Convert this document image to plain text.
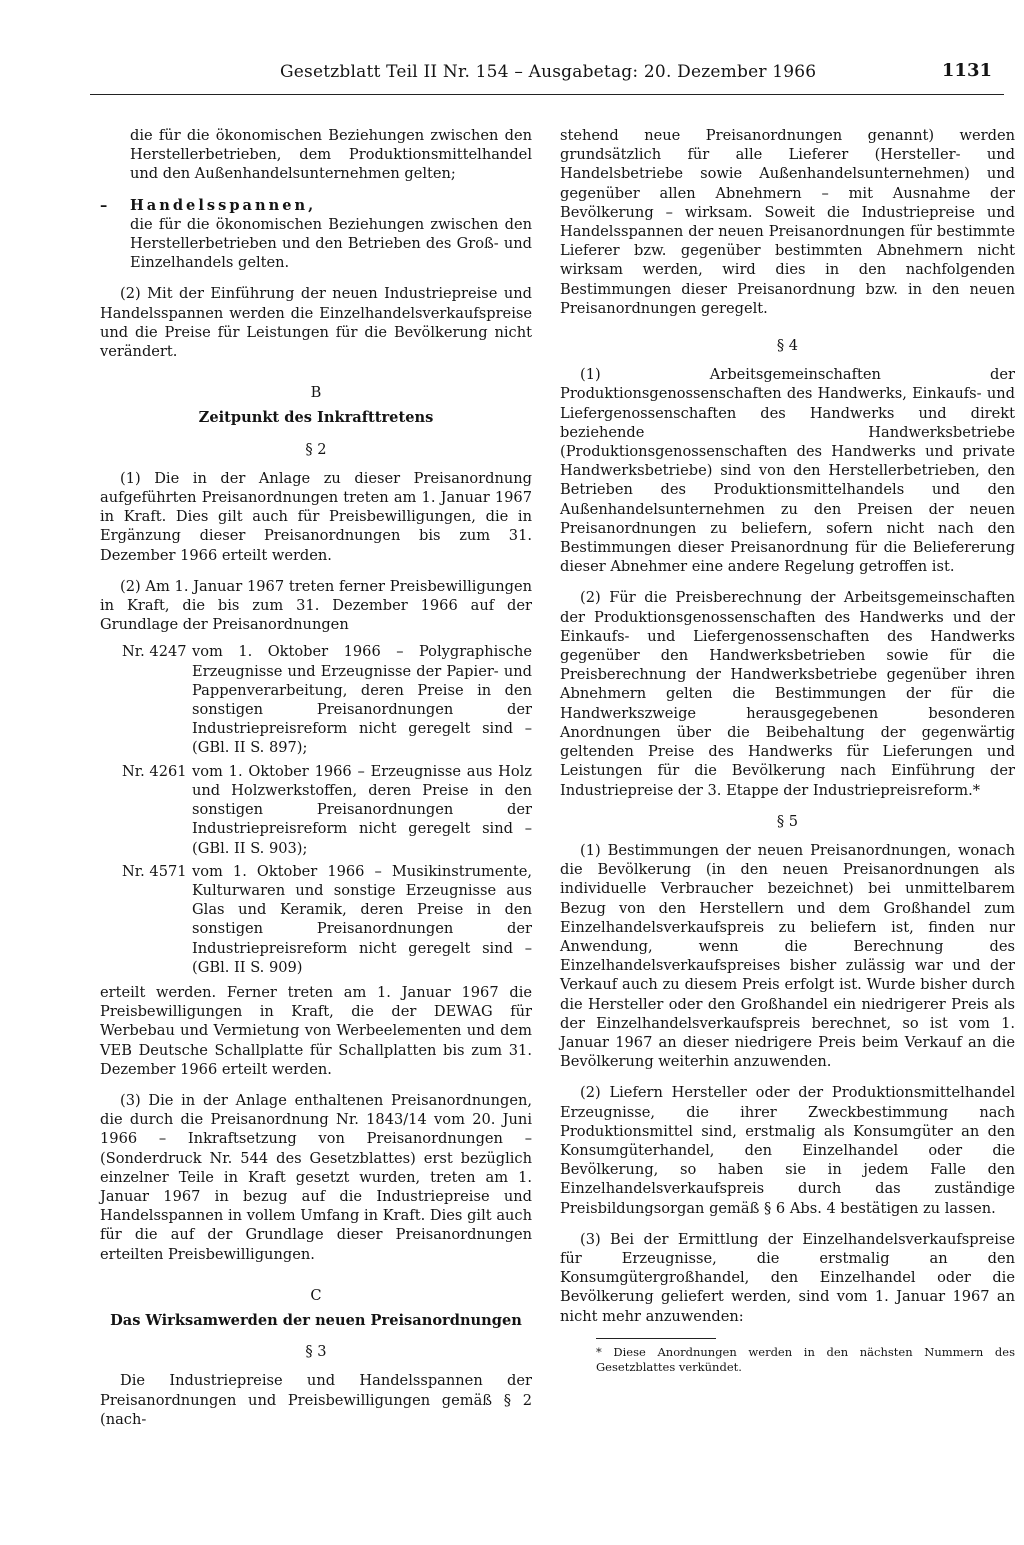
Gesetzblatt Teil II Nr. 154 – Ausgabetag: 20. Dezember 1966	1131

die für die ökonomischen Beziehungen zwischen den Herstellerbetrieben, dem Produktionsmittelhandel und den Außenhandelsunternehmen gelten;

– Handelsspannen,

die für die ökonomischen Beziehungen zwischen den Herstellerbetrieben und den Betrieben des Groß- und Einzelhandels gelten.

(2) Mit der Einführung der neuen Industriepreise und Handelsspannen werden die Einzelhandelsverkaufspreise und die Preise für Leistungen für die Bevölkerung nicht verändert.

B
Zeitpunkt des Inkrafttretens
§ 2

(1) Die in der Anlage zu dieser Preisanordnung aufgeführten Preisanordnungen treten am 1. Januar 1967 in Kraft. Dies gilt auch für Preisbewilligungen, die in Ergänzung dieser Preisanordnungen bis zum 31. Dezember 1966 erteilt werden.

(2) Am 1. Januar 1967 treten ferner Preisbewilligungen in Kraft, die bis zum 31. Dezember 1966 auf der Grundlage der Preisanordnungen

Nr. 4247 vom 1. Oktober 1966 – Polygraphische Erzeugnisse und Erzeugnisse der Papier- und Pappenverarbeitung, deren Preise in den sonstigen Preisanordnungen der Industriepreisreform nicht geregelt sind – (GBl. II S. 897);
Nr. 4261 vom 1. Oktober 1966 – Erzeugnisse aus Holz und Holzwerkstoffen, deren Preise in den sonstigen Preisanordnungen der Industriepreisreform nicht geregelt sind – (GBl. II S. 903);
Nr. 4571 vom 1. Oktober 1966 – Musikinstrumente, Kulturwaren und sonstige Erzeugnisse aus Glas und Keramik, deren Preise in den sonstigen Preisanordnungen der Industriepreisreform nicht geregelt sind – (GBl. II S. 909)

erteilt werden. Ferner treten am 1. Januar 1967 die Preisbewilligungen in Kraft, die der DEWAG für Werbebau und Vermietung von Werbeelementen und dem VEB Deutsche Schallplatte für Schallplatten bis zum 31. Dezember 1966 erteilt werden.

(3) Die in der Anlage enthaltenen Preisanordnungen, die durch die Preisanordnung Nr. 1843/14 vom 20. Juni 1966 – Inkraftsetzung von Preisanordnungen – (Sonderdruck Nr. 544 des Gesetzblattes) erst bezüglich einzelner Teile in Kraft gesetzt wurden, treten am 1. Januar 1967 in bezug auf die Industriepreise und Handelsspannen in vollem Umfang in Kraft. Dies gilt auch für die auf der Grundlage dieser Preisanordnungen erteilten Preisbewilligungen.

C
Das Wirksamwerden der neuen Preisanordnungen
§ 3

Die Industriepreise und Handelsspannen der Preisanordnungen und Preisbewilligungen gemäß § 2 (nach-

stehend neue Preisanordnungen genannt) werden grundsätzlich für alle Lieferer (Hersteller- und Handelsbetriebe sowie Außenhandelsunternehmen) und gegenüber allen Abnehmern – mit Ausnahme der Bevölkerung – wirksam. Soweit die Industriepreise und Handelsspannen der neuen Preisanordnungen für bestimmte Lieferer bzw. gegenüber bestimmten Abnehmern nicht wirksam werden, wird dies in den nachfolgenden Bestimmungen dieser Preisanordnung bzw. in den neuen Preisanordnungen geregelt.

§ 4

(1) Arbeitsgemeinschaften der Produktionsgenossenschaften des Handwerks, Einkaufs- und Liefergenossenschaften des Handwerks und direkt beziehende Handwerksbetriebe (Produktionsgenossenschaften des Handwerks und private Handwerksbetriebe) sind von den Herstellerbetrieben, den Betrieben des Produktionsmittelhandels und den Außenhandelsunternehmen zu den Preisen der neuen Preisanordnungen zu beliefern, sofern nicht nach den Bestimmungen dieser Preisanordnung für die Beliefererung dieser Abnehmer eine andere Regelung getroffen ist.

(2) Für die Preisberechnung der Arbeitsgemeinschaften der Produktionsgenossenschaften des Handwerks und der Einkaufs- und Liefergenossenschaften des Handwerks gegenüber den Handwerksbetrieben sowie für die Preisberechnung der Handwerksbetriebe gegenüber ihren Abnehmern gelten die Bestimmungen der für die Handwerkszweige herausgegebenen besonderen Anordnungen über die Beibehaltung der gegenwärtig geltenden Preise des Handwerks für Lieferungen und Leistungen für die Bevölkerung nach Einführung der Industriepreise der 3. Etappe der Industriepreisreform.*

§ 5

(1) Bestimmungen der neuen Preisanordnungen, wonach die Bevölkerung (in den neuen Preisanordnungen als individuelle Verbraucher bezeichnet) bei unmittelbarem Bezug von den Herstellern und dem Großhandel zum Einzelhandelsverkaufspreis zu beliefern ist, finden nur Anwendung, wenn die Berechnung des Einzelhandelsverkaufspreises bisher zulässig war und der Verkauf auch zu diesem Preis erfolgt ist. Wurde bisher durch die Hersteller oder den Großhandel ein niedrigerer Preis als der Einzelhandelsverkaufspreis berechnet, so ist vom 1. Januar 1967 an dieser niedrigere Preis beim Verkauf an die Bevölkerung weiterhin anzuwenden.

(2) Liefern Hersteller oder der Produktionsmittelhandel Erzeugnisse, die ihrer Zweckbestimmung nach Produktionsmittel sind, erstmalig als Konsumgüter an den Konsumgüterhandel, den Einzelhandel oder die Bevölkerung, so haben sie in jedem Falle den Einzelhandelsverkaufspreis durch das zuständige Preisbildungsorgan gemäß § 6 Abs. 4 bestätigen zu lassen.

(3) Bei der Ermittlung der Einzelhandelsverkaufspreise für Erzeugnisse, die erstmalig an den Konsumgütergroßhandel, den Einzelhandel oder die Bevölkerung geliefert werden, sind vom 1. Januar 1967 an nicht mehr anzuwenden:

* Diese Anordnungen werden in den nächsten Nummern des Gesetzblattes verkündet.
